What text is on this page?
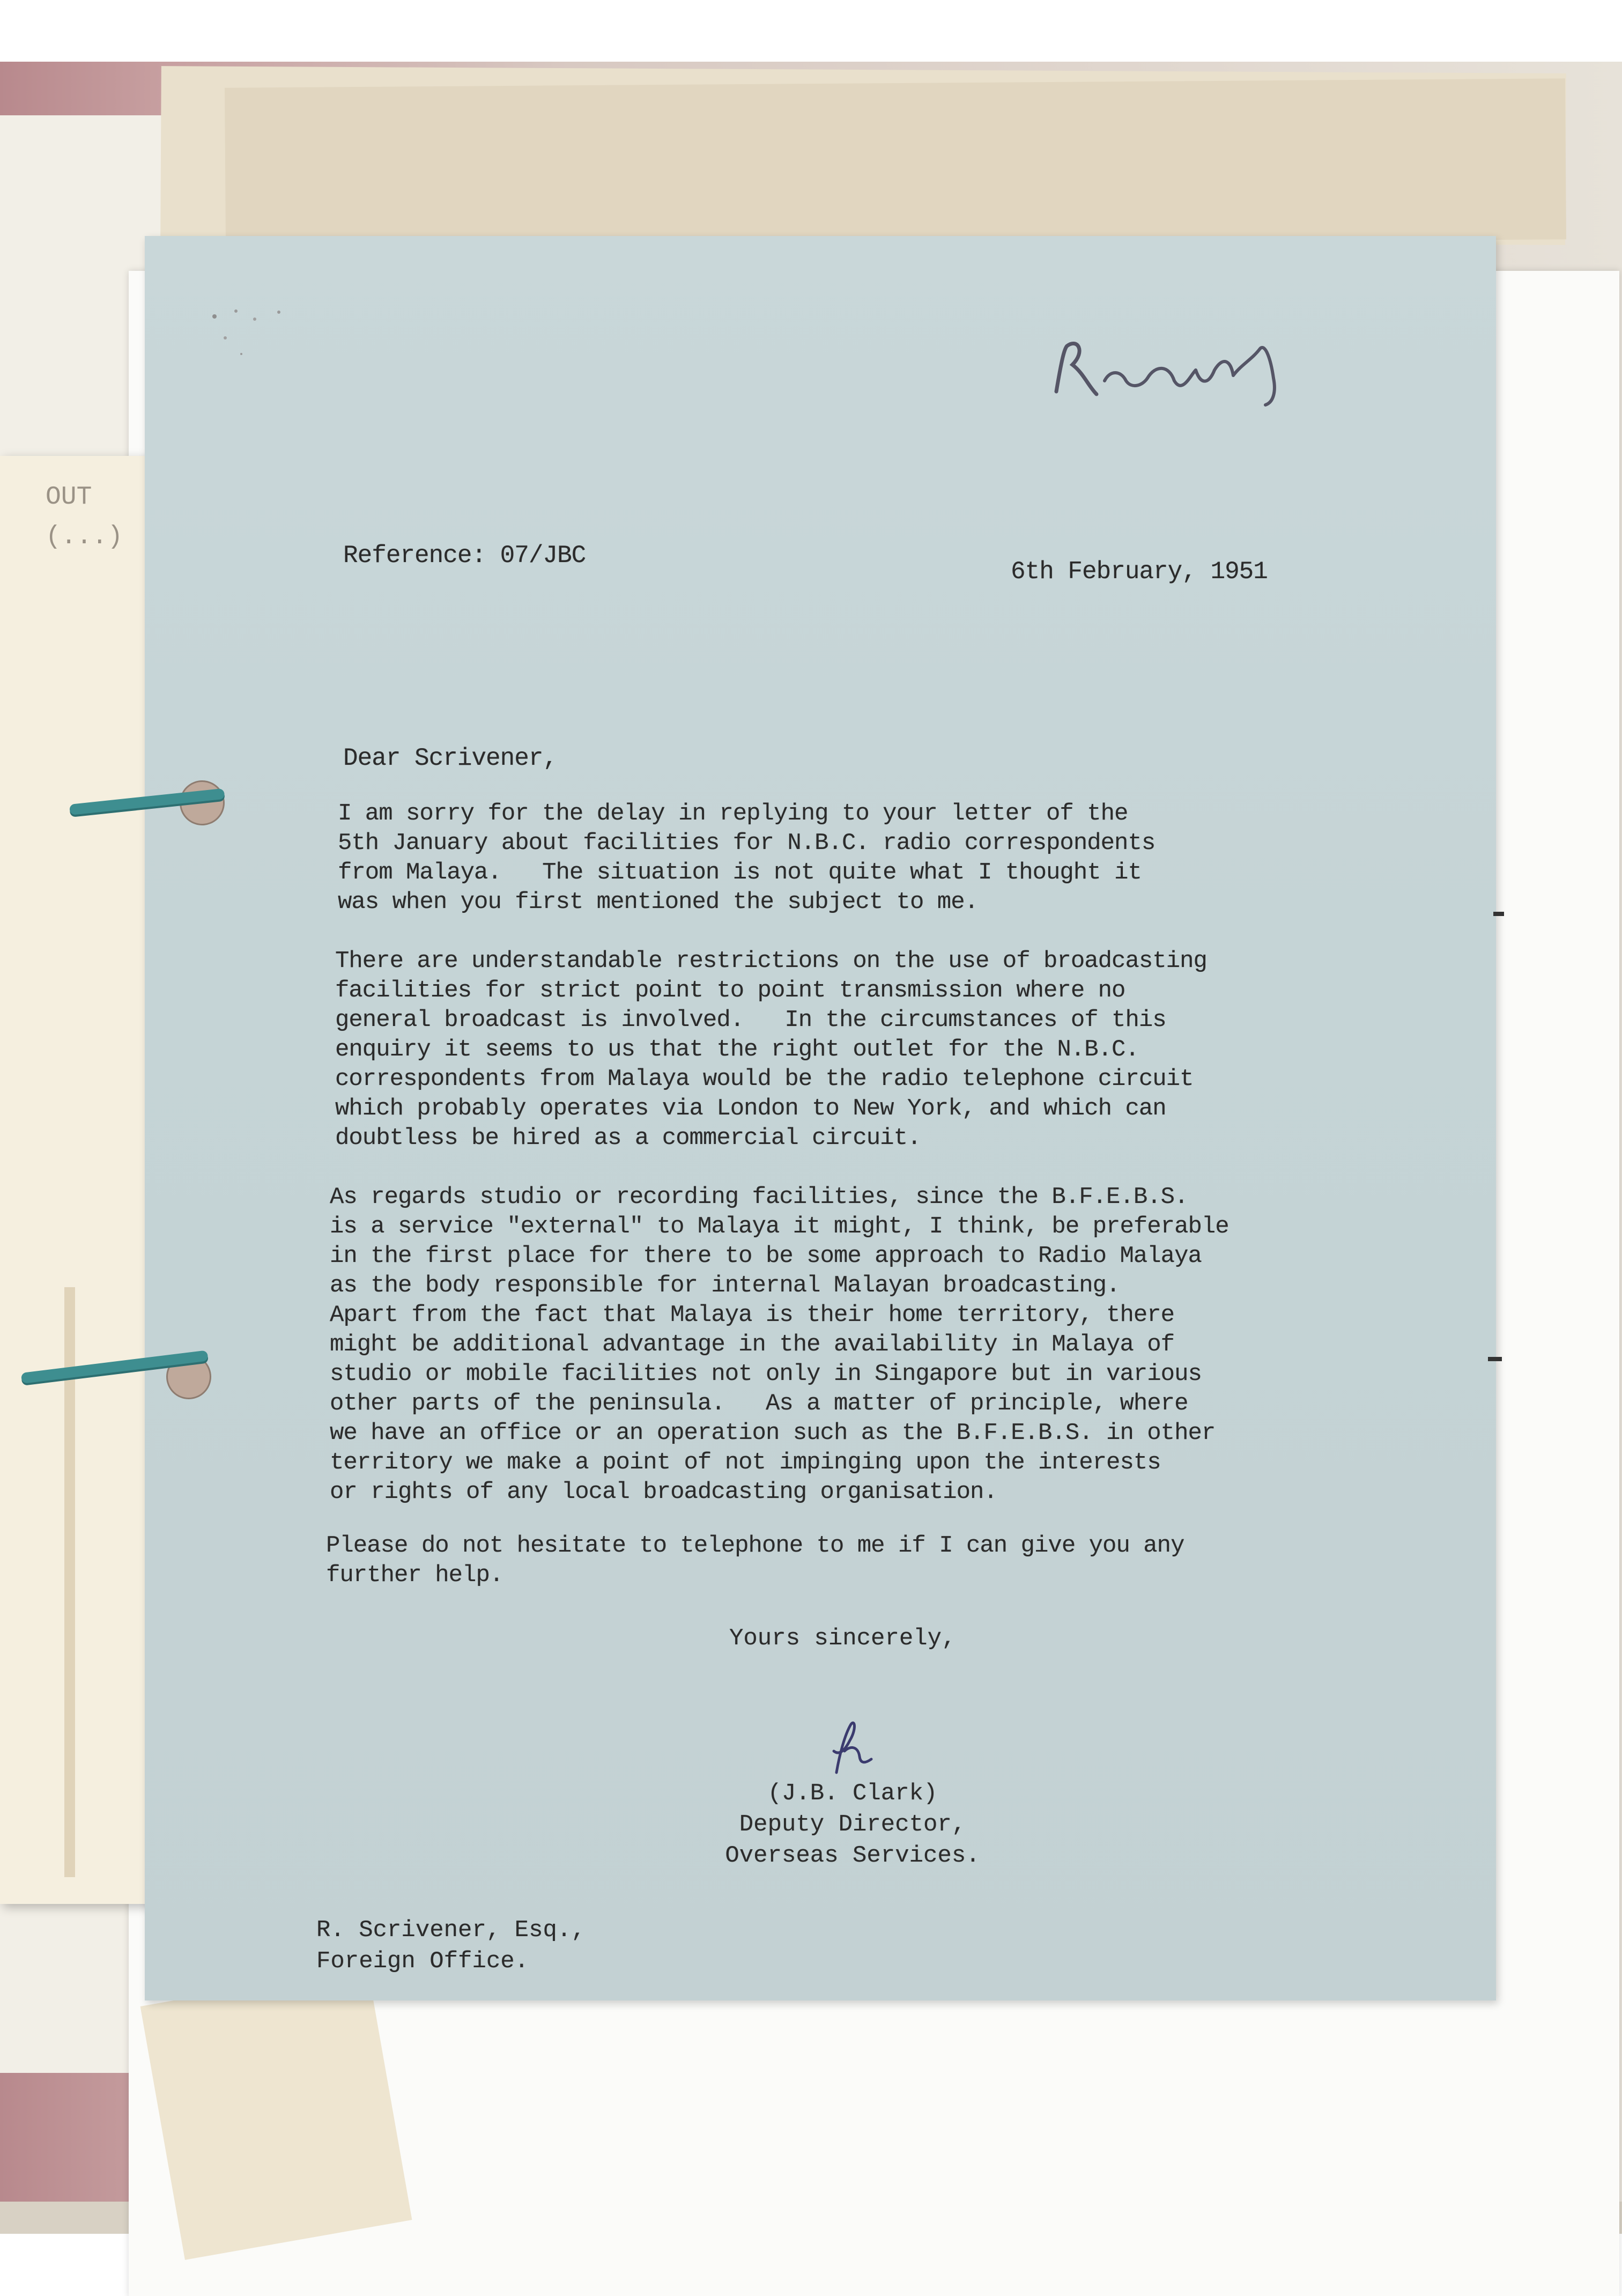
OUT
(...)
Reference: 07/JBC
6th February, 1951
Dear Scrivener,
I am sorry for the delay in replying to your letter of the
5th January about facilities for N.B.C. radio correspondents
from Malaya.   The situation is not quite what I thought it
was when you first mentioned the subject to me.
There are understandable restrictions on the use of broadcasting
facilities for strict point to point transmission where no
general broadcast is involved.   In the circumstances of this
enquiry it seems to us that the right outlet for the N.B.C.
correspondents from Malaya would be the radio telephone circuit
which probably operates via London to New York, and which can
doubtless be hired as a commercial circuit.
As regards studio or recording facilities, since the B.F.E.B.S.
is a service "external" to Malaya it might, I think, be preferable
in the first place for there to be some approach to Radio Malaya
as the body responsible for internal Malayan broadcasting.
Apart from the fact that Malaya is their home territory, there
might be additional advantage in the availability in Malaya of
studio or mobile facilities not only in Singapore but in various
other parts of the peninsula.   As a matter of principle, where
we have an office or an operation such as the B.F.E.B.S. in other
territory we make a point of not impinging upon the interests
or rights of any local broadcasting organisation.
Please do not hesitate to telephone to me if I can give you any
further help.
Yours sincerely,
(J.B. Clark)
Deputy Director,
Overseas Services.
R. Scrivener, Esq.,
Foreign Office.
